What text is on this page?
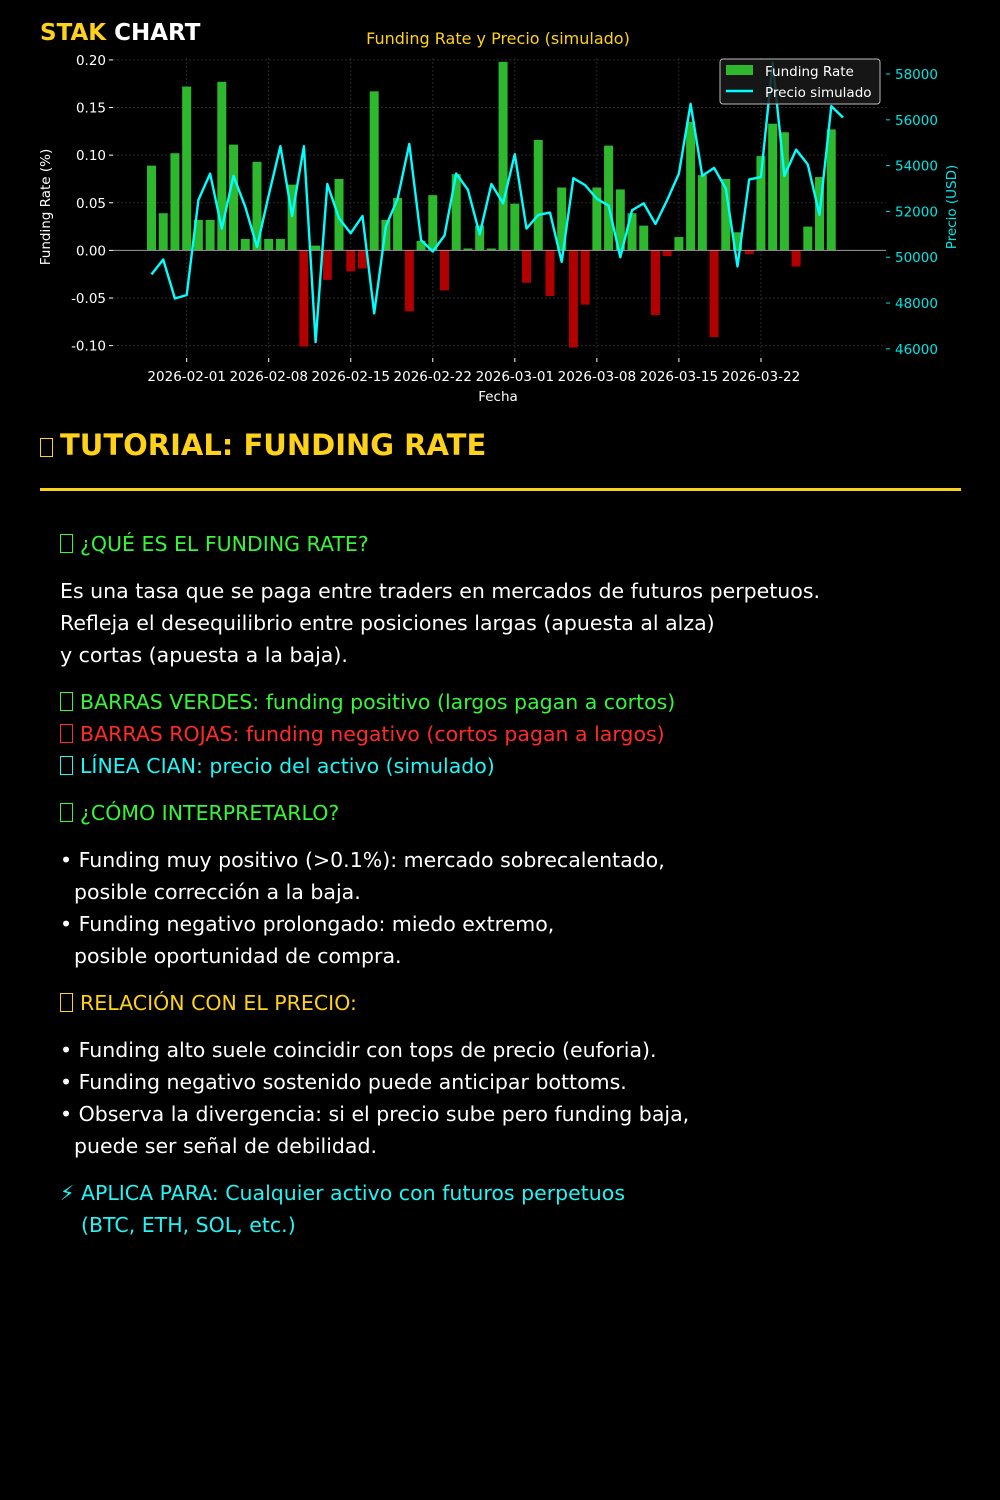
-0.10
-0.05
0.00
0.05
0.10
0.15
0.20
46000
48000
50000
52000
54000
56000
58000
2026-02-01 2026-02-08 2026-02-15 2026-02-22 2026-03-01 2026-03-08 2026-03-15 2026-03-22
Funding Rate y Precio (simulado)
Fecha
Funding Rate (%)	Precio (USD)
Funding Rate
Precio simulado
STAK CHART
TUTORIAL: FUNDING RATE

¿QUÉ ES EL FUNDING RATE?

Es una tasa que se paga entre traders en mercados de futuros perpetuos.

Refleja el desequilibrio entre posiciones largas (apuesta al alza)

y cortas (apuesta a la baja).

BARRAS VERDES: funding positivo (largos pagan a cortos)

BARRAS ROJAS: funding negativo (cortos pagan a largos)

LÍNEA CIAN: precio del activo (simulado)

¿CÓMO INTERPRETARLO?

• Funding muy positivo (>0.1%): mercado sobrecalentado,

posible corrección a la baja.

• Funding negativo prolongado: miedo extremo,

posible oportunidad de compra.

RELACIÓN CON EL PRECIO:

• Funding alto suele coincidir con tops de precio (euforia).

• Funding negativo sostenido puede anticipar bottoms.

• Observa la divergencia: si el precio sube pero funding baja,

puede ser señal de debilidad.

⚡ APLICA PARA: Cualquier activo con futuros perpetuos

(BTC, ETH, SOL, etc.)
